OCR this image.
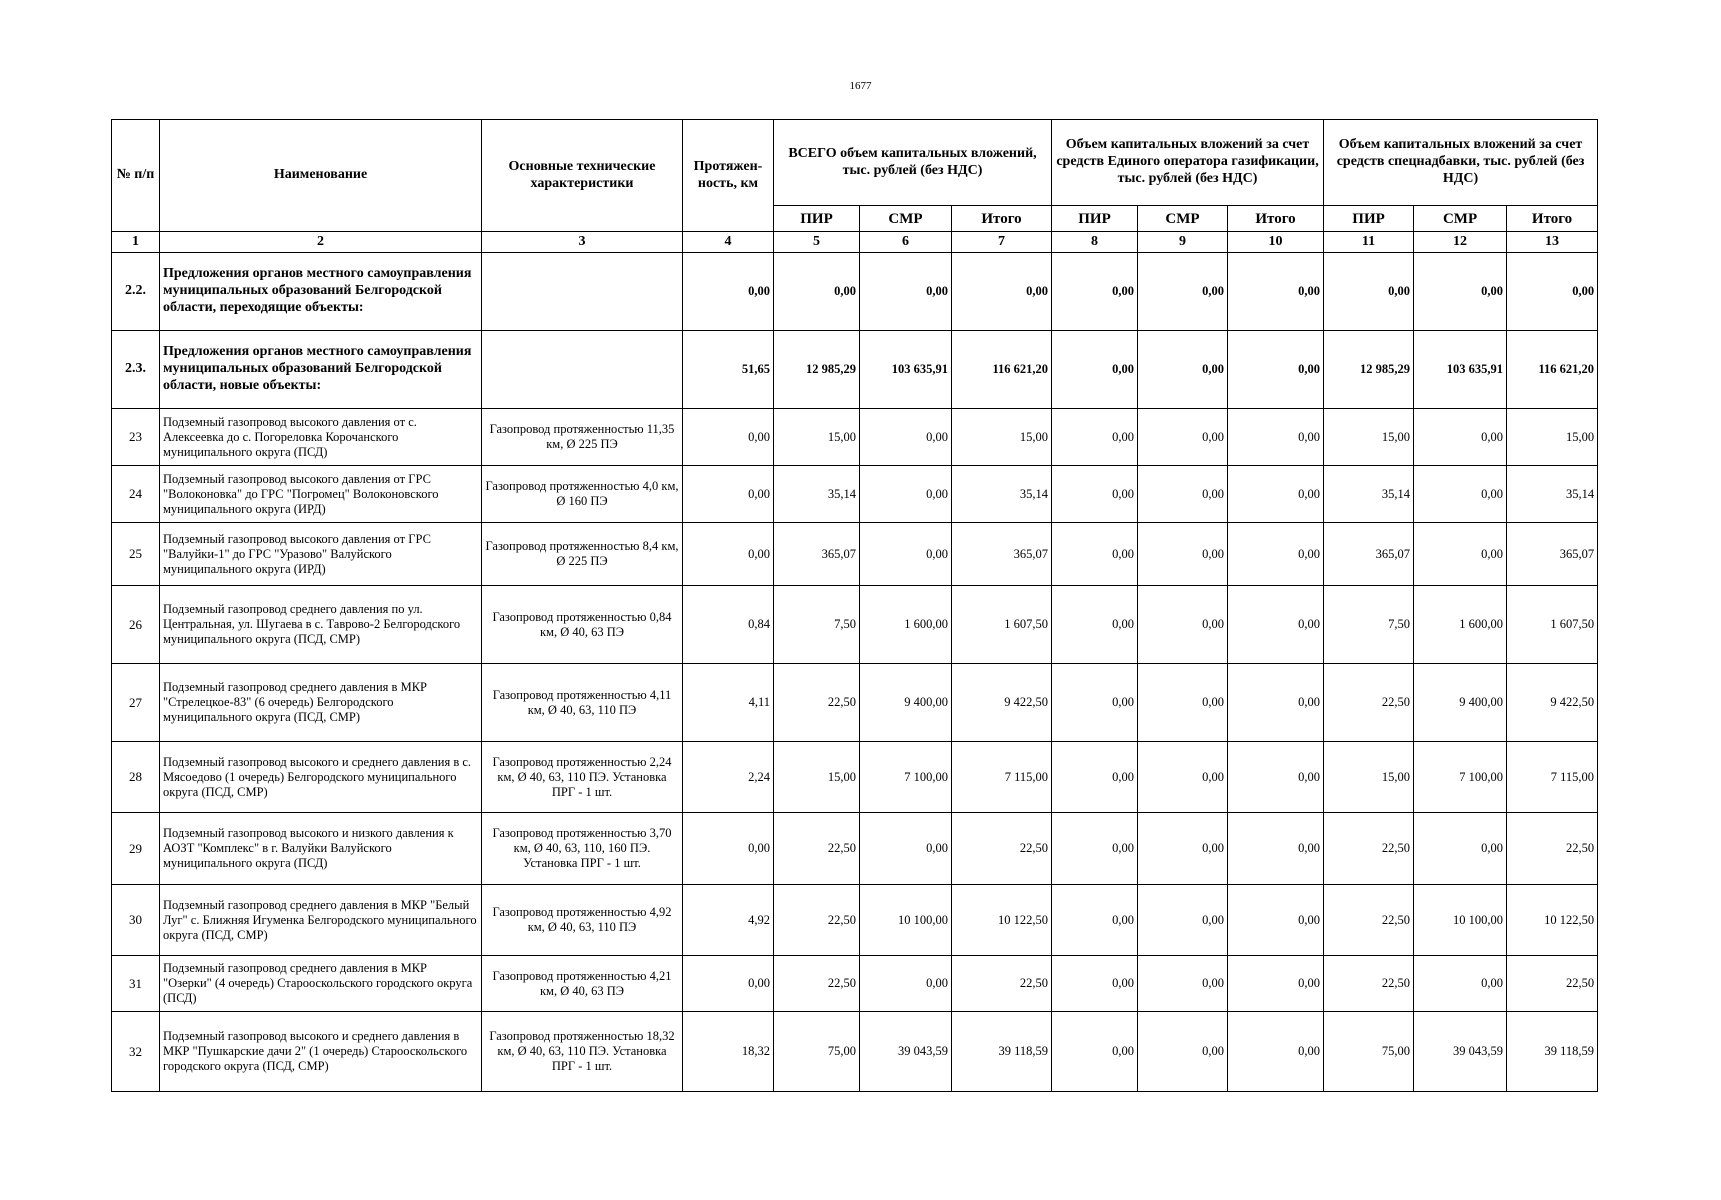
1677
№ п/п	Наименование	Основные технические характеристики	Протяжен-ность, км	ВСЕГО объем капитальных вложений, тыс. рублей (без НДС)			Объем капитальных вложений за счет средств Единого оператора газификации, тыс. рублей (без НДС)			Объем капитальных вложений за счет средств спецнадбавки, тыс. рублей (без НДС)		
				ПИР	СМР	Итого	ПИР	СМР	Итого	ПИР	СМР	Итого
1	2	3	4	5	6	7	8	9	10	11	12	13
2.2.	Предложения органов местного самоуправления муниципальных образований Белгородской области, переходящие объекты:		0,00	0,00	0,00	0,00	0,00	0,00	0,00	0,00	0,00	0,00
2.3.	Предложения органов местного самоуправления муниципальных образований Белгородской области, новые объекты:		51,65	12 985,29	103 635,91	116 621,20	0,00	0,00	0,00	12 985,29	103 635,91	116 621,20
23	Подземный газопровод высокого давления от с. Алексеевка до с. Погореловка Корочанского муниципального округа (ПСД)	Газопровод протяженностью 11,35 км, Ø 225 ПЭ	0,00	15,00	0,00	15,00	0,00	0,00	0,00	15,00	0,00	15,00
24	Подземный газопровод высокого давления от ГРС "Волоконовка" до ГРС "Погромец" Волоконовского муниципального округа (ИРД)	Газопровод протяженностью 4,0 км, Ø 160 ПЭ	0,00	35,14	0,00	35,14	0,00	0,00	0,00	35,14	0,00	35,14
25	Подземный газопровод высокого давления от ГРС "Валуйки-1" до ГРС "Уразово" Валуйского муниципального округа (ИРД)	Газопровод протяженностью 8,4 км, Ø 225 ПЭ	0,00	365,07	0,00	365,07	0,00	0,00	0,00	365,07	0,00	365,07
26	Подземный газопровод среднего давления по ул. Центральная, ул. Шугаева в с. Таврово-2 Белгородского муниципального округа (ПСД, СМР)	Газопровод протяженностью 0,84 км, Ø 40, 63 ПЭ	0,84	7,50	1 600,00	1 607,50	0,00	0,00	0,00	7,50	1 600,00	1 607,50
27	Подземный газопровод среднего давления в МКР "Стрелецкое-83" (6 очередь) Белгородского муниципального округа (ПСД, СМР)	Газопровод протяженностью 4,11 км, Ø 40, 63, 110 ПЭ	4,11	22,50	9 400,00	9 422,50	0,00	0,00	0,00	22,50	9 400,00	9 422,50
28	Подземный газопровод высокого и среднего давления в с. Мясоедово (1 очередь) Белгородского муниципального округа (ПСД, СМР)	Газопровод протяженностью 2,24 км, Ø 40, 63, 110 ПЭ. Установка ПРГ - 1 шт.	2,24	15,00	7 100,00	7 115,00	0,00	0,00	0,00	15,00	7 100,00	7 115,00
29	Подземный газопровод высокого и низкого давления к АОЗТ "Комплекс" в г. Валуйки Валуйского муниципального округа (ПСД)	Газопровод протяженностью 3,70 км, Ø 40, 63, 110, 160 ПЭ. Установка ПРГ - 1 шт.	0,00	22,50	0,00	22,50	0,00	0,00	0,00	22,50	0,00	22,50
30	Подземный газопровод среднего давления в МКР "Белый Луг" с. Ближняя Игуменка Белгородского муниципального округа (ПСД, СМР)	Газопровод протяженностью 4,92 км, Ø 40, 63, 110 ПЭ	4,92	22,50	10 100,00	10 122,50	0,00	0,00	0,00	22,50	10 100,00	10 122,50
31	Подземный газопровод среднего давления в МКР "Озерки" (4 очередь) Старооскольского городского округа (ПСД)	Газопровод протяженностью 4,21 км, Ø 40, 63 ПЭ	0,00	22,50	0,00	22,50	0,00	0,00	0,00	22,50	0,00	22,50
32	Подземный газопровод высокого и среднего давления в МКР "Пушкарские дачи 2" (1 очередь) Старооскольского городского округа (ПСД, СМР)	Газопровод протяженностью 18,32 км, Ø 40, 63, 110 ПЭ. Установка ПРГ - 1 шт.	18,32	75,00	39 043,59	39 118,59	0,00	0,00	0,00	75,00	39 043,59	39 118,59
